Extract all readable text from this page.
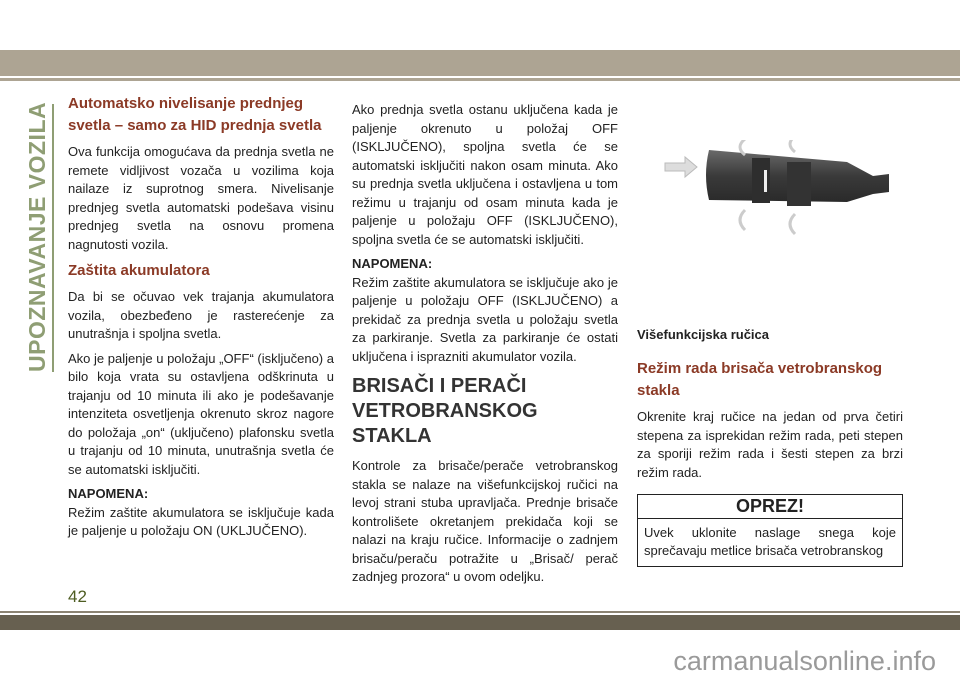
UPOZNAVANJE VOZILA Automatsko nivelisanje prednjeg svetla – samo za HID prednja svetla

Ova funkcija omogućava da prednja svetla ne remete vidljivost vozača u vozilima koja nailaze iz suprotnog smera. Nivelisanje prednjeg svetla automatski podešava visinu prednjeg svetla na osnovu promena nagnutosti vozila.

Zaštita akumulatora

Da bi se očuvao vek trajanja akumulatora vozila, obezbeđeno je rasterećenje za unutrašnja i spoljna svetla.

Ako je paljenje u položaju „OFF“ (isključeno) a bilo koja vrata su ostavljena odškrinuta u trajanju od 10 minuta ili ako je podešavanje intenziteta osvetljenja okrenuto skroz nagore do položaja „on“ (uključeno) plafonsku svetla u trajanju od 10 minuta, unutrašnja svetla će se automatski isključiti.

NAPOMENA:

Režim zaštite akumulatora se isključuje kada je paljenje u položaju ON (UKLJUČENO).

Ako prednja svetla ostanu uključena kada je paljenje okrenuto u položaj OFF (ISKLJUČENO), spoljna svetla će se automatski isključiti nakon osam minuta. Ako su prednja svetla uključena i ostavljena u tom režimu u trajanju od osam minuta kada je paljenje u položaju OFF (ISKLJUČENO), spoljna svetla će se automatski isključiti.

NAPOMENA:

Režim zaštite akumulatora se isključuje ako je paljenje u položaju OFF (ISKLJUČENO) a prekidač za prednja svetla u položaju svetla za parkiranje. Svetla za parkiranje će ostati uključena i isprazniti akumulator vozila.

BRISAČI I PERAČI VETROBRANSKOG STAKLA

Kontrole za brisače/perače vetrobranskog stakla se nalaze na višefunkcijskoj ručici na levoj strani stuba upravljača. Prednje brisače kontrolišete okretanjem prekidača koji se nalazi na kraju ručice. Informacije o zadnjem brisaču/peraču potražite u „Brisač/ perač zadnjeg prozora“ u ovom odeljku.

Višefunkcijska ručica

Režim rada brisača vetrobranskog stakla

Okrenite kraj ručice na jedan od prva četiri stepena za isprekidan režim rada, peti stepen za sporiji režim rada i šesti stepen za brzi režim rada.

OPREZ!
Uvek uklonite naslage snega koje sprečavaju metlice brisača vetrobranskog
42
carmanualsonline.info
